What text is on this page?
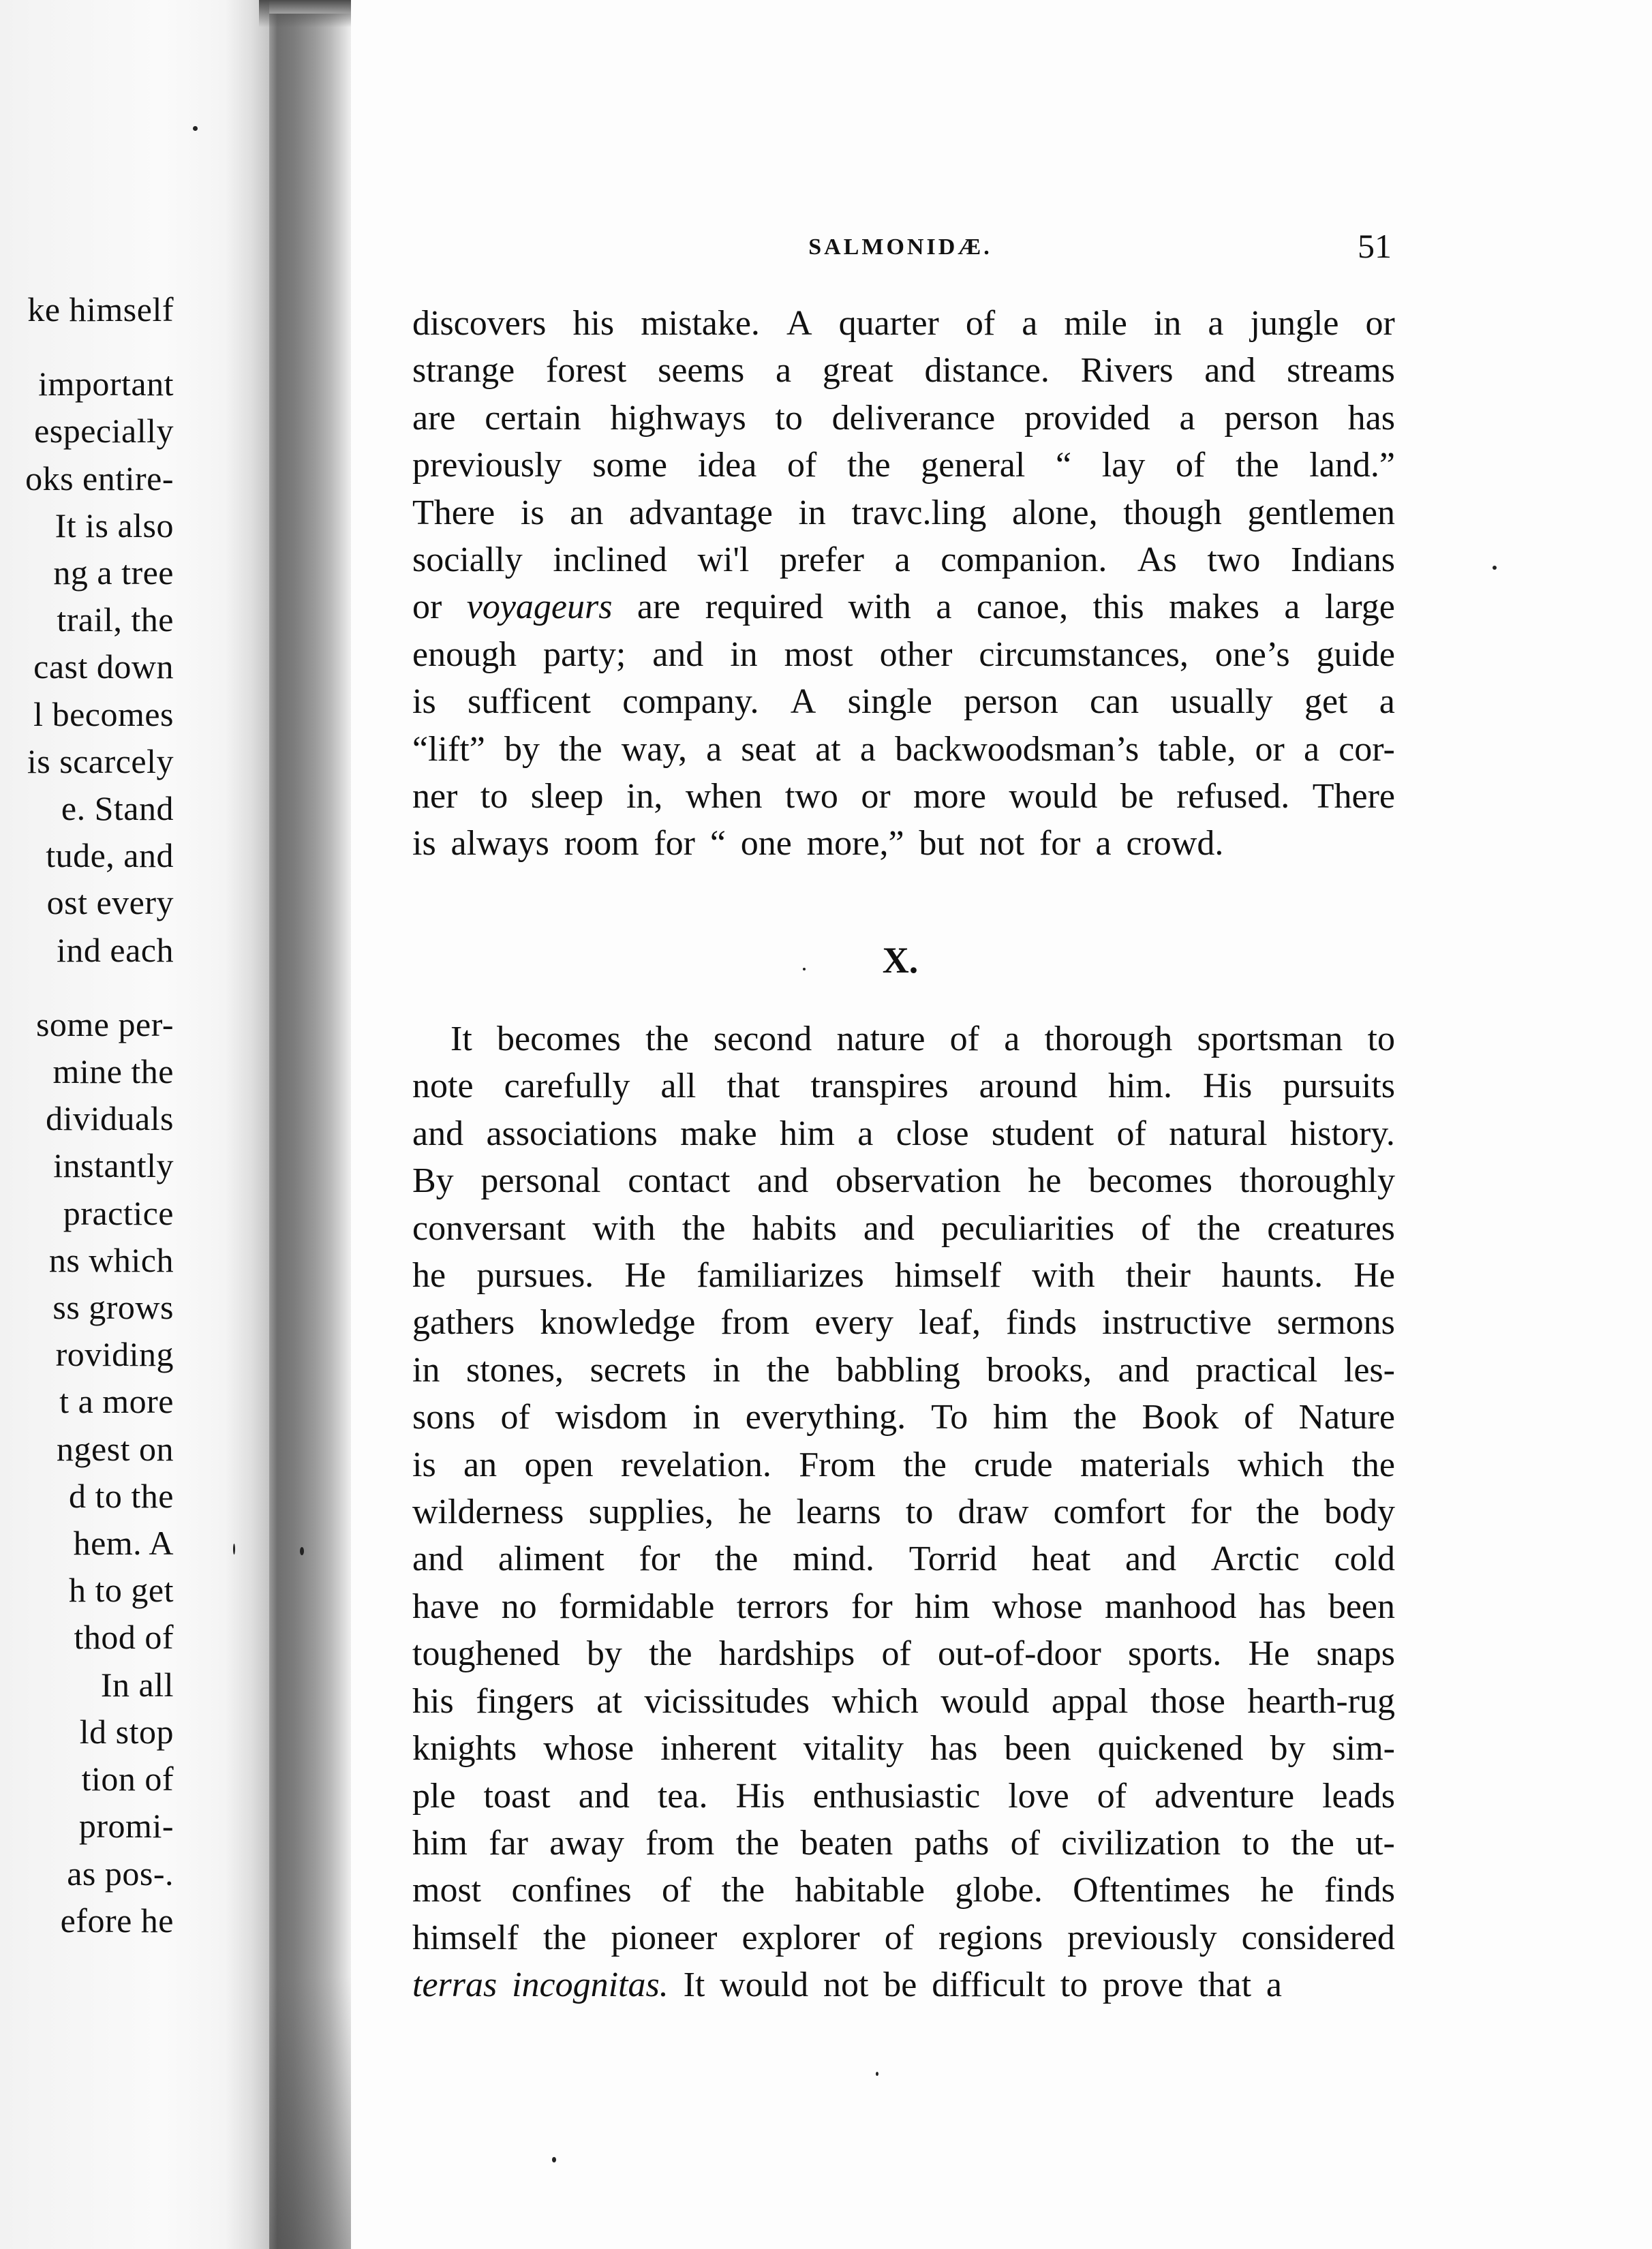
ke himself
important
especially
oks entire-
It is also
ng a tree
trail, the
cast down
l becomes
is scarcely
e. Stand
tude, and
ost every
ind each
some per-
mine the
dividuals
instantly
practice
ns which
ss grows
roviding
t a more
ngest on
d to the
hem. A
h to get
thod of
In all
ld stop
tion of
promi-
as pos-.
efore he
SALMONIDÆ.	51
discovers his mistake. A quarter of a mile in a jungle or
strange forest seems a great distance. Rivers and streams
are certain highways to deliverance provided a person has
previously some idea of the general “ lay of the land.”
There is an advantage in travc.ling alone, though gentlemen
socially inclined wi'l prefer a companion. As two Indians
or voyageurs are required with a canoe, this makes a large
enough party; and in most other circumstances, one’s guide
is sufficent company. A single person can usually get a
“lift” by the way, a seat at a backwoodsman’s table, or a cor-
ner to sleep in, when two or more would be refused. There
is always room for “ one more,” but not for a crowd.
X.
It becomes the second nature of a thorough sportsman to
note carefully all that transpires around him. His pursuits
and associations make him a close student of natural history.
By personal contact and observation he becomes thoroughly
conversant with the habits and peculiarities of the creatures
he pursues. He familiarizes himself with their haunts. He
gathers knowledge from every leaf, finds instructive sermons
in stones, secrets in the babbling brooks, and practical les-
sons of wisdom in everything. To him the Book of Nature
is an open revelation. From the crude materials which the
wilderness supplies, he learns to draw comfort for the body
and aliment for the mind. Torrid heat and Arctic cold
have no formidable terrors for him whose manhood has been
toughened by the hardships of out-of-door sports. He snaps
his fingers at vicissitudes which would appal those hearth-rug
knights whose inherent vitality has been quickened by sim-
ple toast and tea. His enthusiastic love of adventure leads
him far away from the beaten paths of civilization to the ut-
most confines of the habitable globe. Oftentimes he finds
himself the pioneer explorer of regions previously considered
terras incognitas. It would not be difficult to prove that a
